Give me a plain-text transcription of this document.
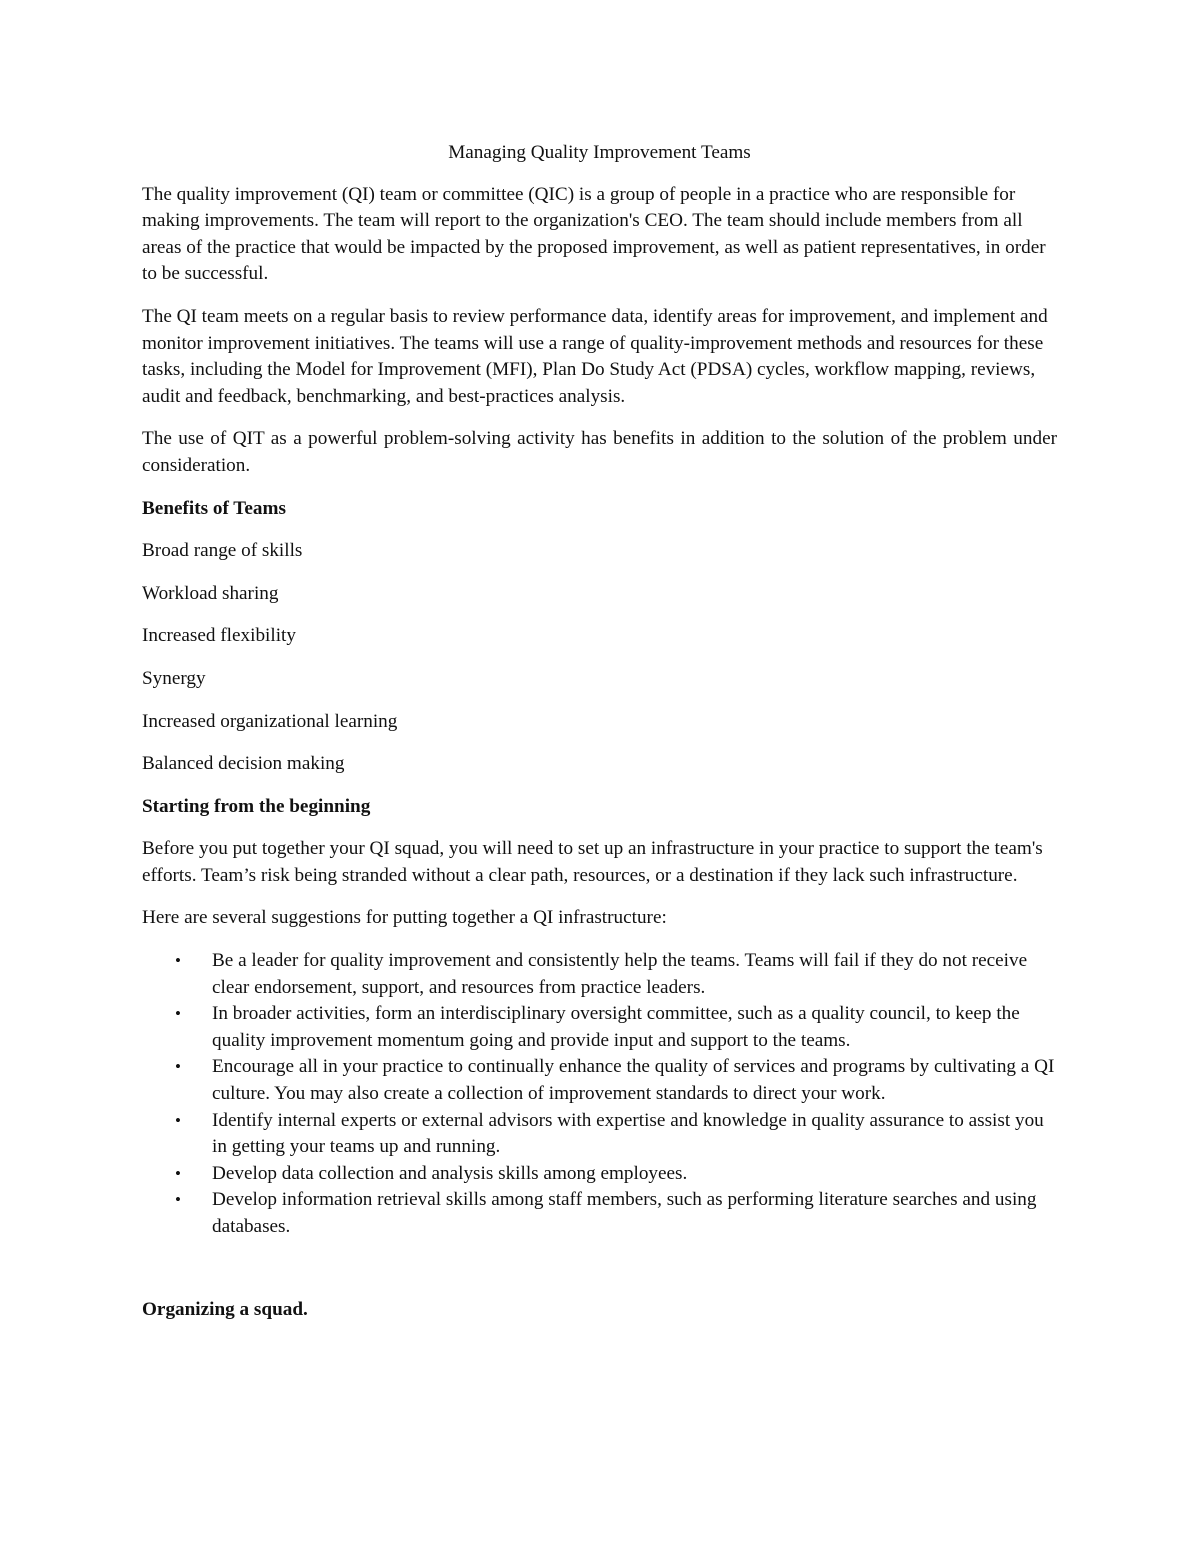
Managing Quality Improvement Teams

The quality improvement (QI) team or committee (QIC) is a group of people in a practice who are responsible for making improvements. The team will report to the organization's CEO. The team should include members from all areas of the practice that would be impacted by the proposed improvement, as well as patient representatives, in order to be successful.

The QI team meets on a regular basis to review performance data, identify areas for improvement, and implement and monitor improvement initiatives. The teams will use a range of quality-improvement methods and resources for these tasks, including the Model for Improvement (MFI), Plan Do Study Act (PDSA) cycles, workflow mapping, reviews, audit and feedback, benchmarking, and best-practices analysis.

The use of QIT as a powerful problem-solving activity has benefits in addition to the solution of the problem under consideration.

Benefits of Teams
Broad range of skills
Workload sharing
Increased flexibility
Synergy
Increased organizational learning
Balanced decision making
Starting from the beginning

Before you put together your QI squad, you will need to set up an infrastructure in your practice to support the team's efforts. Team’s risk being stranded without a clear path, resources, or a destination if they lack such infrastructure.

Here are several suggestions for putting together a QI infrastructure:

• Be a leader for quality improvement and consistently help the teams. Teams will fail if they do not receive clear endorsement, support, and resources from practice leaders.
• In broader activities, form an interdisciplinary oversight committee, such as a quality council, to keep the quality improvement momentum going and provide input and support to the teams.
• Encourage all in your practice to continually enhance the quality of services and programs by cultivating a QI culture. You may also create a collection of improvement standards to direct your work.
• Identify internal experts or external advisors with expertise and knowledge in quality assurance to assist you in getting your teams up and running.
• Develop data collection and analysis skills among employees.
• Develop information retrieval skills among staff members, such as performing literature searches and using databases.
Organizing a squad.
